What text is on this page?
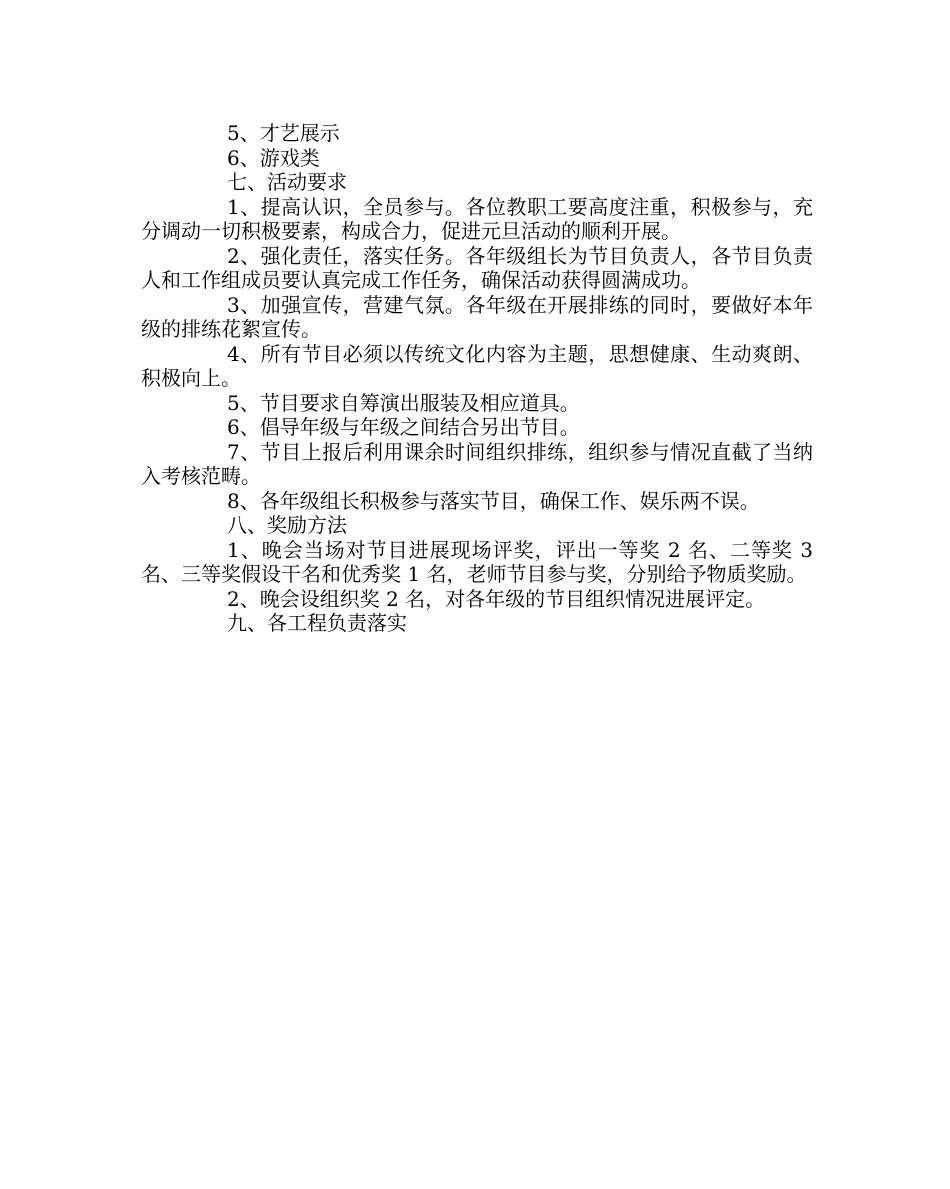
5、才艺展示

6、游戏类

七、活动要求

1、提高认识，全员参与。各位教职工要高度注重，积极参与，充分调动一切积极要素，构成合力，促进元旦活动的顺利开展。

2、强化责任，落实任务。各年级组长为节目负责人，各节目负责人和工作组成员要认真完成工作任务，确保活动获得圆满成功。

3、加强宣传，营建气氛。各年级在开展排练的同时，要做好本年级的排练花絮宣传。

4、所有节目必须以传统文化内容为主题，思想健康、生动爽朗、积极向上。

5、节目要求自筹演出服装及相应道具。

6、倡导年级与年级之间结合另出节目。

7、节目上报后利用课余时间组织排练，组织参与情况直截了当纳入考核范畴。

8、各年级组长积极参与落实节目，确保工作、娱乐两不误。

八、奖励方法

1、晚会当场对节目进展现场评奖，评出一等奖 2 名、二等奖 3 名、三等奖假设干名和优秀奖 1 名，老师节目参与奖，分别给予物质奖励。

2、晚会设组织奖 2 名，对各年级的节目组织情况进展评定。

九、各工程负责落实
